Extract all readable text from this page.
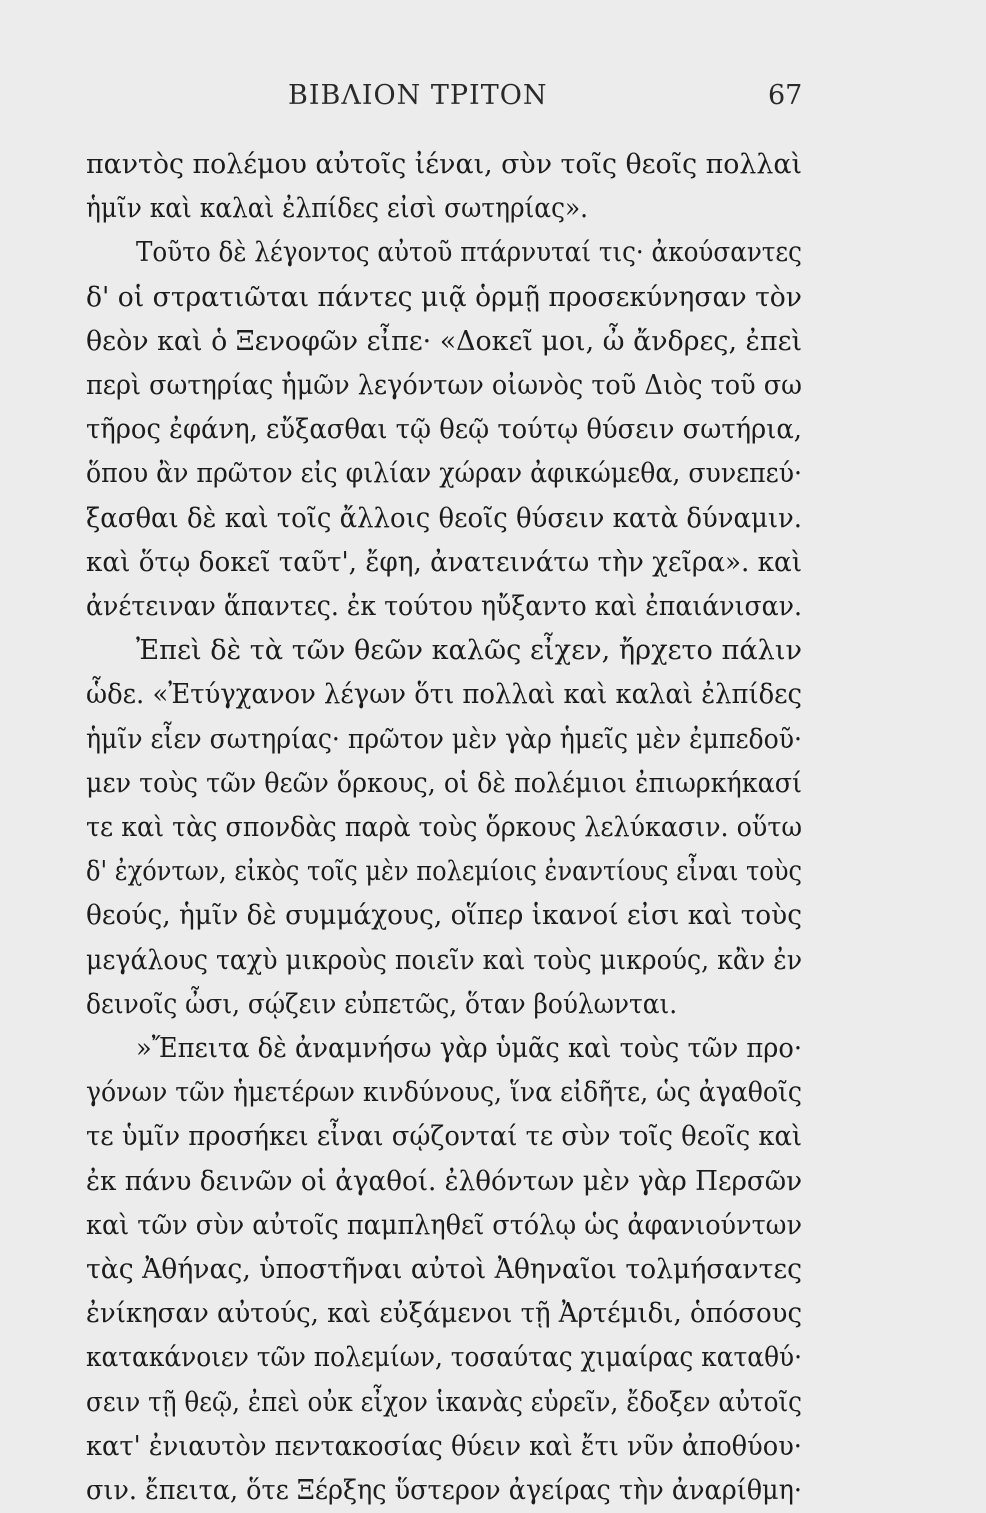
ΒΙΒΛΙΟΝ ΤΡΙΤΟΝ	67
παντὸς πολέμου αὐτοῖς ἰέναι, σὺν τοῖς θεοῖς πολλαὶ
ἡμῖν καὶ καλαὶ ἐλπίδες εἰσὶ σωτηρίας».
Τοῦτο δὲ λέγοντος αὐτοῦ πτάρνυταί τις· ἀκούσαντες
δ' οἱ στρατιῶται πάντες μιᾷ ὁρμῇ προσεκύνησαν τὸν
θεὸν καὶ ὁ Ξενοφῶν εἶπε· «Δοκεῖ μοι, ὦ ἄνδρες, ἐπεὶ
περὶ σωτηρίας ἡμῶν λεγόντων οἰωνὸς τοῦ Διὸς τοῦ σω
τῆρος ἐφάνη, εὔξασθαι τῷ θεῷ τούτῳ θύσειν σωτήρια,
ὅπου ἂν πρῶτον εἰς φιλίαν χώραν ἀφικώμεθα, συνεπεύ·
ξασθαι δὲ καὶ τοῖς ἄλλοις θεοῖς θύσειν κατὰ δύναμιν.
καὶ ὅτῳ δοκεῖ ταῦτ', ἔφη, ἀνατεινάτω τὴν χεῖρα». καὶ
ἀνέτειναν ἅπαντες. ἐκ τούτου ηὔξαντο καὶ ἐπαιάνισαν.
Ἐπεὶ δὲ τὰ τῶν θεῶν καλῶς εἶχεν, ἤρχετο πάλιν
ὧδε. «Ἐτύγχανον λέγων ὅτι πολλαὶ καὶ καλαὶ ἐλπίδες
ἡμῖν εἶεν σωτηρίας· πρῶτον μὲν γὰρ ἡμεῖς μὲν ἐμπεδοῦ·
μεν τοὺς τῶν θεῶν ὅρκους, οἱ δὲ πολέμιοι ἐπιωρκήκασί
τε καὶ τὰς σπονδὰς παρὰ τοὺς ὅρκους λελύκασιν. οὕτω
δ' ἐχόντων, εἰκὸς τοῖς μὲν πολεμίοις ἐναντίους εἶναι τοὺς
θεούς, ἡμῖν δὲ συμμάχους, οἵπερ ἱκανοί εἰσι καὶ τοὺς
μεγάλους ταχὺ μικροὺς ποιεῖν καὶ τοὺς μικρούς, κἂν ἐν
δεινοῖς ὦσι, σῴζειν εὐπετῶς, ὅταν βούλωνται.
»Ἔπειτα δὲ ἀναμνήσω γὰρ ὑμᾶς καὶ τοὺς τῶν προ·
γόνων τῶν ἡμετέρων κινδύνους, ἵνα εἰδῆτε, ὡς ἀγαθοῖς
τε ὑμῖν προσήκει εἶναι σῴζονταί τε σὺν τοῖς θεοῖς καὶ
ἐκ πάνυ δεινῶν οἱ ἀγαθοί. ἐλθόντων μὲν γὰρ Περσῶν
καὶ τῶν σὺν αὐτοῖς παμπληθεῖ στόλῳ ὡς ἀφανιούντων
τὰς Ἀθήνας, ὑποστῆναι αὐτοὶ Ἀθηναῖοι τολμήσαντες
ἐνίκησαν αὐτούς, καὶ εὐξάμενοι τῇ Ἀρτέμιδι, ὁπόσους
κατακάνοιεν τῶν πολεμίων, τοσαύτας χιμαίρας καταθύ·
σειν τῇ θεῷ, ἐπεὶ οὐκ εἶχον ἱκανὰς εὑρεῖν, ἔδοξεν αὐτοῖς
κατ' ἐνιαυτὸν πεντακοσίας θύειν καὶ ἔτι νῦν ἀποθύου·
σιν. ἔπειτα, ὅτε Ξέρξης ὕστερον ἀγείρας τὴν ἀναρίθμη·
